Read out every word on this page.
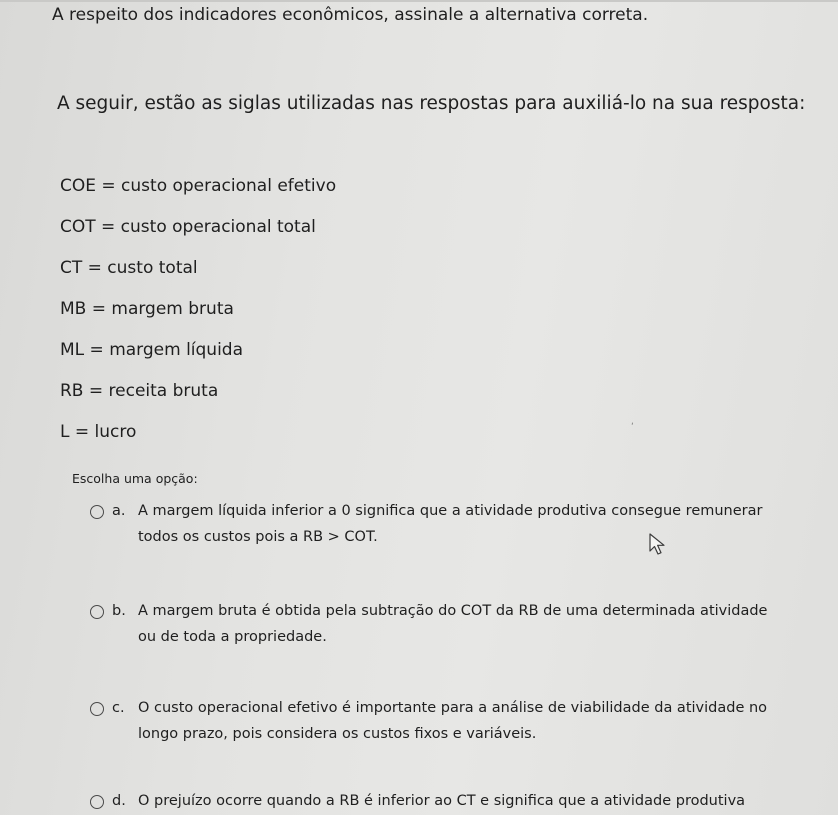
A respeito dos indicadores econômicos, assinale a alternativa correta.

A seguir, estão as siglas utilizadas nas respostas para auxiliá-lo na sua resposta:

COE = custo operacional efetivo
COT = custo operacional total
CT = custo total
MB = margem bruta
ML = margem líquida
RB = receita bruta
L = lucro	‘
Escolha uma opção:
a. A margem líquida inferior a 0 significa que a atividade produtiva consegue remunerar todos os custos pois a RB > COT.
b. A margem bruta é obtida pela subtração do COT da RB de uma determinada atividade ou de toda a propriedade.
c. O custo operacional efetivo é importante para a análise de viabilidade da atividade no longo prazo, pois considera os custos fixos e variáveis.
d. O prejuízo ocorre quando a RB é inferior ao CT e significa que a atividade produtiva
